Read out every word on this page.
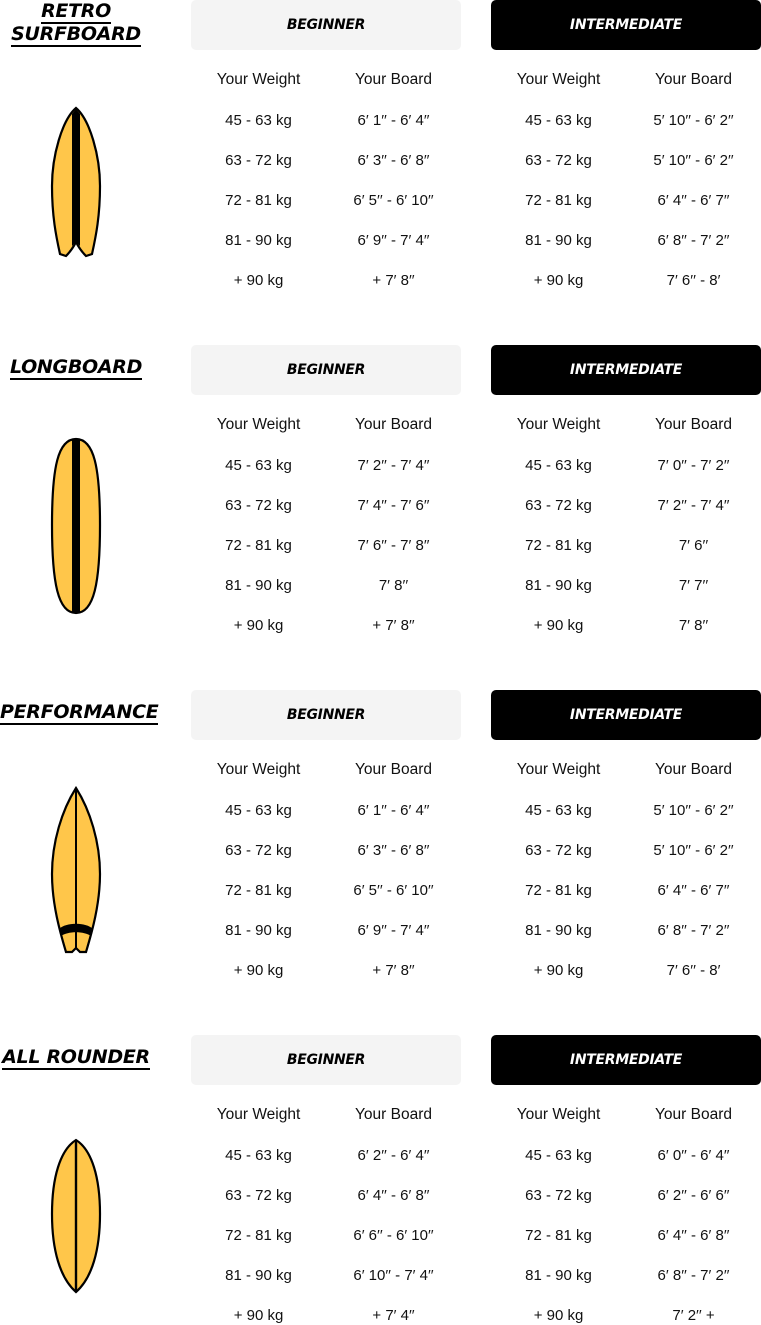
RETRO
SURFBOARD	BEGINNER	INTERMEDIATE
Your Weight	Your Board
45 - 63 kg	6′ 1′′ - 6′ 4′′
63 - 72 kg	6′ 3′′ - 6′ 8′′
72 - 81 kg	6′ 5′′ - 6′ 10′′
81 - 90 kg	6′ 9′′ - 7′ 4′′
+ 90 kg	+ 7′ 8′′
Your Weight	Your Board
45 - 63 kg	5′ 10′′ - 6′ 2′′
63 - 72 kg	5′ 10′′ - 6′ 2′′
72 - 81 kg	6′ 4′′ - 6′ 7′′
81 - 90 kg	6′ 8′′ - 7′ 2′′
+ 90 kg	7′ 6′′ - 8′
LONGBOARD	BEGINNER	INTERMEDIATE
Your Weight	Your Board
45 - 63 kg	7′ 2′′ - 7′ 4′′
63 - 72 kg	7′ 4′′ - 7′ 6′′
72 - 81 kg	7′ 6′′ - 7′ 8′′
81 - 90 kg	7′ 8′′
+ 90 kg	+ 7′ 8′′
Your Weight	Your Board
45 - 63 kg	7′ 0′′ - 7′ 2′′
63 - 72 kg	7′ 2′′ - 7′ 4′′
72 - 81 kg	7′ 6′′
81 - 90 kg	7′ 7′′
+ 90 kg	7′ 8′′
PERFORMANCE	BEGINNER	INTERMEDIATE
Your Weight	Your Board
45 - 63 kg	6′ 1′′ - 6′ 4′′
63 - 72 kg	6′ 3′′ - 6′ 8′′
72 - 81 kg	6′ 5′′ - 6′ 10′′
81 - 90 kg	6′ 9′′ - 7′ 4′′
+ 90 kg	+ 7′ 8′′
Your Weight	Your Board
45 - 63 kg	5′ 10′′ - 6′ 2′′
63 - 72 kg	5′ 10′′ - 6′ 2′′
72 - 81 kg	6′ 4′′ - 6′ 7′′
81 - 90 kg	6′ 8′′ - 7′ 2′′
+ 90 kg	7′ 6′′ - 8′
ALL ROUNDER	BEGINNER	INTERMEDIATE
Your Weight	Your Board
45 - 63 kg	6′ 2′′ - 6′ 4′′
63 - 72 kg	6′ 4′′ - 6′ 8′′
72 - 81 kg	6′ 6′′ - 6′ 10′′
81 - 90 kg	6′ 10′′ - 7′ 4′′
+ 90 kg	+ 7′ 4′′
Your Weight	Your Board
45 - 63 kg	6′ 0′′ - 6′ 4′′
63 - 72 kg	6′ 2′′ - 6′ 6′′
72 - 81 kg	6′ 4′′ - 6′ 8′′
81 - 90 kg	6′ 8′′ - 7′ 2′′
+ 90 kg	7′ 2′′ +
